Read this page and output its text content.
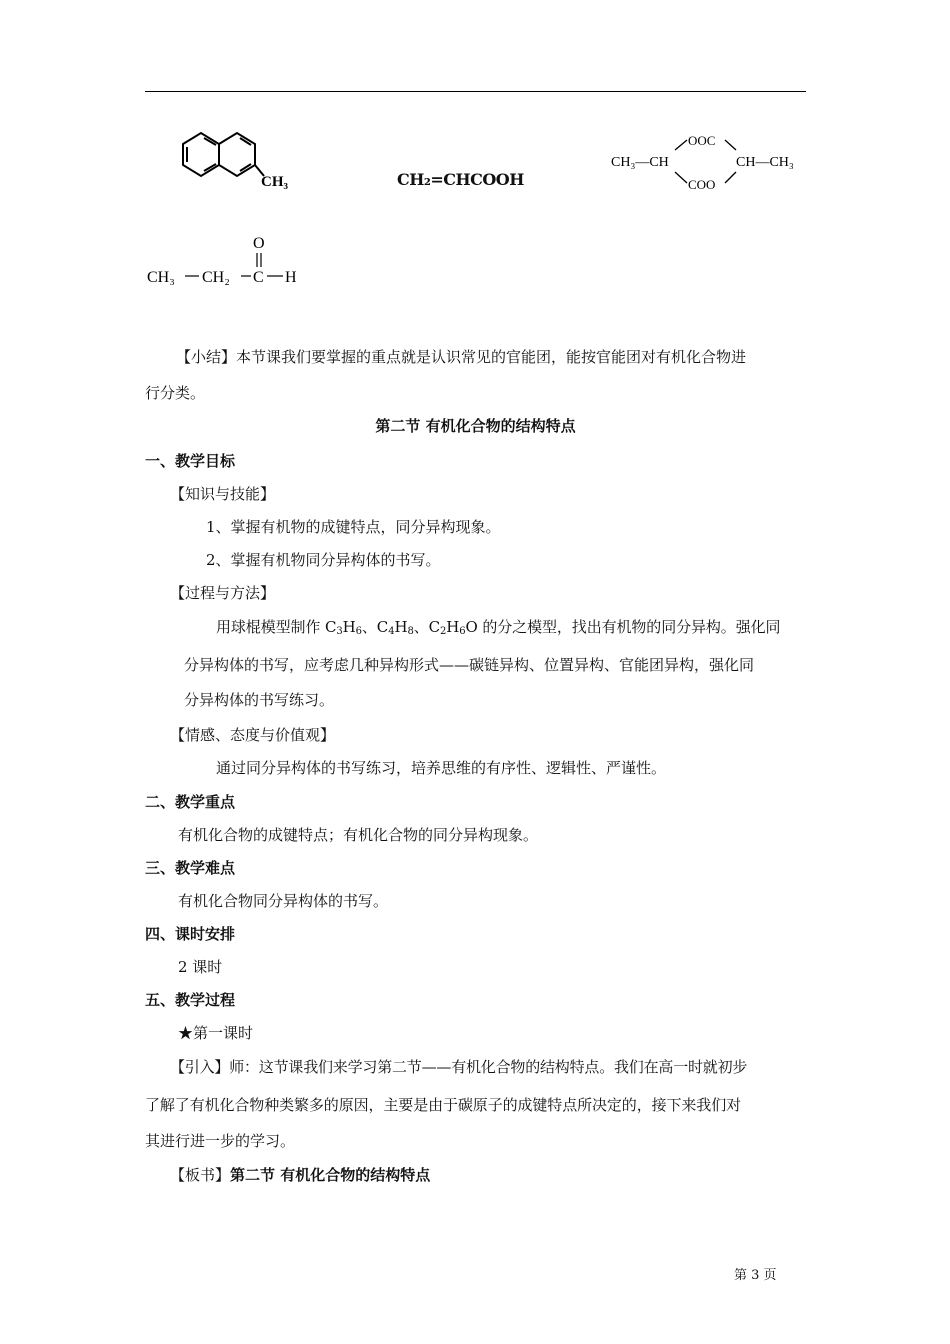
CH₃	CH₂=CHCOOH
CH₃—CH
OOC
COO
CH—CH₃
CH₃ CH₂ C H
O
【小结】本节课我们要掌握的重点就是认识常见的官能团，能按官能团对有机化合物进
行分类。
第二节 有机化合物的结构特点
一、教学目标
【知识与技能】
1、掌握有机物的成键特点，同分异构现象。
2、掌握有机物同分异构体的书写。
【过程与方法】
用球棍模型制作 $C_3H_6$、$C_4H_8$、$C_2H_6O$ 的分之模型，找出有机物的同分异构。强化同
分异构体的书写，应考虑几种异构形式——碳链异构、位置异构、官能团异构，强化同
分异构体的书写练习。
【情感、态度与价值观】
通过同分异构体的书写练习，培养思维的有序性、逻辑性、严谨性。
二、教学重点
有机化合物的成键特点；有机化合物的同分异构现象。
三、教学难点
有机化合物同分异构体的书写。
四、课时安排
2 课时
五、教学过程
★第一课时
【引入】师：这节课我们来学习第二节——有机化合物的结构特点。我们在高一时就初步
了解了有机化合物种类繁多的原因，主要是由于碳原子的成键特点所决定的，接下来我们对
其进行进一步的学习。
【板书】第二节 有机化合物的结构特点
第 3 页
